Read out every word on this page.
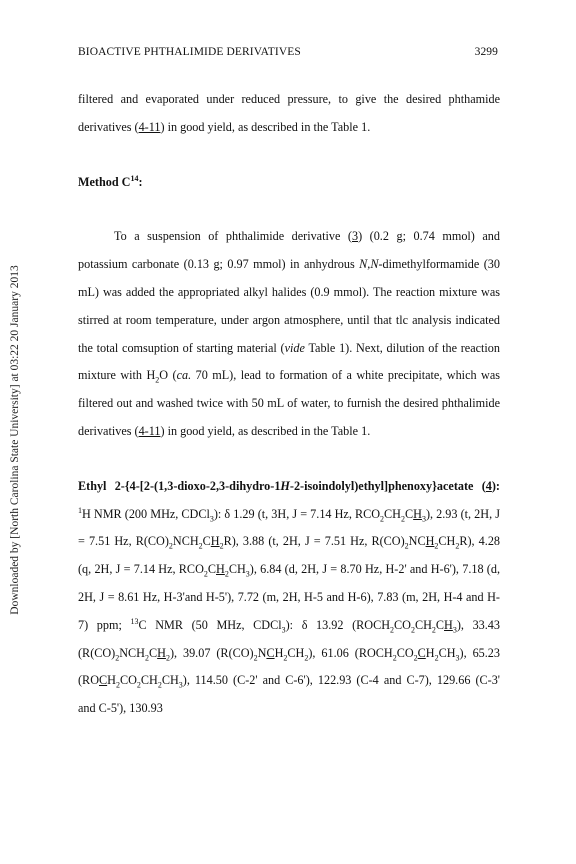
Downloaded by [North Carolina State University] at 03:22 20 January 2013
BIOACTIVE PHTHALIMIDE DERIVATIVES	3299

filtered and evaporated under reduced pressure, to give the desired phthamide derivatives (4-11) in good yield, as described in the Table 1.

Method $C^{14}$:

To a suspension of phthalimide derivative (3) (0.2 g; 0.74 mmol) and potassium carbonate (0.13 g; 0.97 mmol) in anhydrous N,N-dimethylformamide (30 mL) was added the appropriated alkyl halides (0.9 mmol). The reaction mixture was stirred at room temperature, under argon atmosphere, until that tlc analysis indicated the total comsuption of starting material (vide Table 1). Next, dilution of the reaction mixture with $H_2O$ (ca. 70 mL), lead to formation of a white precipitate, which was filtered out and washed twice with 50 mL of water, to furnish the desired phthalimide derivatives (4-11) in good yield, as described in the Table 1.

Ethyl 2-{4-[2-(1,3-dioxo-2,3-dihydro-1H-2-isoindolyl)ethyl]phenoxy}acetate (4): $^1$H NMR (200 MHz, CDCl$_3$): δ 1.29 (t, 3H, J = 7.14 Hz, $RCO_2CH_2CH_3$), 2.93 (t, 2H, J = 7.51 Hz, $R(CO)_2NCH_2CH_2R$), 3.88 (t, 2H, J = 7.51 Hz, $R(CO)_2NCH_2CH_2R$), 4.28 (q, 2H, J = 7.14 Hz, $RCO_2CH_2CH_3$), 6.84 (d, 2H, J = 8.70 Hz, H-2' and H-6'), 7.18 (d, 2H, J = 8.61 Hz, H-3'and H-5'), 7.72 (m, 2H, H-5 and H-6), 7.83 (m, 2H, H-4 and H-7) ppm; $^{13}$C NMR (50 MHz, CDCl$_3$): δ 13.92 $(ROCH_2CO_2CH_2CH_3)$, 33.43 $(R(CO)_2NCH_2CH_2)$, 39.07 $(R(CO)_2NCH_2CH_2)$, 61.06 $(ROCH_2CO_2CH_2CH_3)$, 65.23 $(ROCH_2CO_2CH_2CH_3)$, 114.50 (C-2' and C-6'), 122.93 (C-4 and C-7), 129.66 (C-3' and C-5'), 130.93
